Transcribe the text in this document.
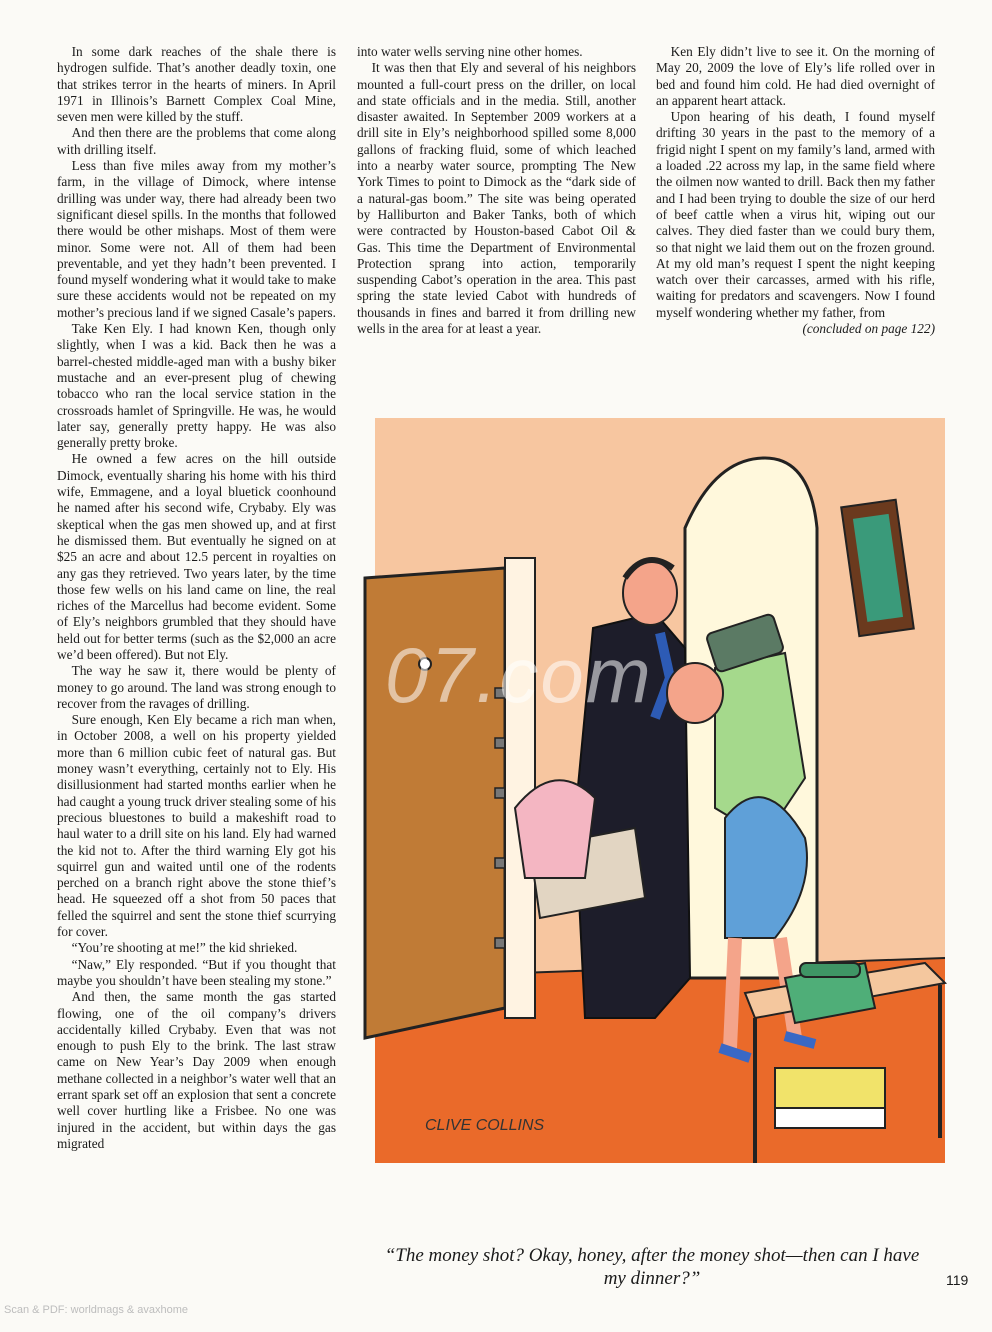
In some dark reaches of the shale there is hydrogen sulfide. That’s another deadly toxin, one that strikes terror in the hearts of miners. In April 1971 in Illinois’s Barnett Complex Coal Mine, seven men were killed by the stuff.

And then there are the problems that come along with drilling itself.

Less than five miles away from my mother’s farm, in the village of Dimock, where intense drilling was under way, there had already been two significant diesel spills. In the months that followed there would be other mishaps. Most of them were minor. Some were not. All of them had been preventable, and yet they hadn’t been prevented. I found myself wondering what it would take to make sure these accidents would not be repeated on my mother’s precious land if we signed Casale’s papers.

Take Ken Ely. I had known Ken, though only slightly, when I was a kid. Back then he was a barrel-chested middle-aged man with a bushy biker mustache and an ever-present plug of chewing tobacco who ran the local service station in the crossroads hamlet of Springville. He was, he would later say, generally pretty happy. He was also generally pretty broke.

He owned a few acres on the hill outside Dimock, eventually sharing his home with his third wife, Emmagene, and a loyal bluetick coonhound he named after his second wife, Crybaby. Ely was skeptical when the gas men showed up, and at first he dismissed them. But eventually he signed on at $25 an acre and about 12.5 percent in royalties on any gas they retrieved. Two years later, by the time those few wells on his land came on line, the real riches of the Marcellus had become evident. Some of Ely’s neighbors grumbled that they should have held out for better terms (such as the $2,000 an acre we’d been offered). But not Ely.

The way he saw it, there would be plenty of money to go around. The land was strong enough to recover from the ravages of drilling.

Sure enough, Ken Ely became a rich man when, in October 2008, a well on his property yielded more than 6 million cubic feet of natural gas. But money wasn’t everything, certainly not to Ely. His disillusionment had started months earlier when he had caught a young truck driver stealing some of his precious bluestones to build a makeshift road to haul water to a drill site on his land. Ely had warned the kid not to. After the third warning Ely got his squirrel gun and waited until one of the rodents perched on a branch right above the stone thief’s head. He squeezed off a shot from 50 paces that felled the squirrel and sent the stone thief scurrying for cover.

“You’re shooting at me!” the kid shrieked.

“Naw,” Ely responded. “But if you thought that maybe you shouldn’t have been stealing my stone.”

And then, the same month the gas started flowing, one of the oil company’s drivers accidentally killed Crybaby. Even that was not enough to push Ely to the brink. The last straw came on New Year’s Day 2009 when enough methane collected in a neighbor’s water well that an errant spark set off an explosion that sent a concrete well cover hurtling like a Frisbee. No one was injured in the accident, but within days the gas migrated

into water wells serving nine other homes.

It was then that Ely and several of his neighbors mounted a full-court press on the driller, on local and state officials and in the media. Still, another disaster awaited. In September 2009 workers at a drill site in Ely’s neighborhood spilled some 8,000 gallons of fracking fluid, some of which leached into a nearby water source, prompting The New York Times to point to Dimock as the “dark side of a natural-gas boom.” The site was being operated by Halliburton and Baker Tanks, both of which were contracted by Houston-based Cabot Oil & Gas. This time the Department of Environmental Protection sprang into action, temporarily suspending Cabot’s operation in the area. This past spring the state levied Cabot with hundreds of thousands in fines and barred it from drilling new wells in the area for at least a year.

Ken Ely didn’t live to see it. On the morning of May 20, 2009 the love of Ely’s life rolled over in bed and found him cold. He had died overnight of an apparent heart attack.

Upon hearing of his death, I found myself drifting 30 years in the past to the memory of a frigid night I spent on my family’s land, armed with a loaded .22 across my lap, in the same field where the oilmen now wanted to drill. Back then my father and I had been trying to double the size of our herd of beef cattle when a virus hit, wiping out our calves. They died faster than we could bury them, so that night we laid them out on the frozen ground. At my old man’s request I spent the night keeping watch over their carcasses, armed with his rifle, waiting for predators and scavengers. Now I found myself wondering whether my father, from

(concluded on page 122)

CLIVE COLLINS
“The money shot? Okay, honey, after the money shot—then can I have my dinner?”	119
07.com
Scan & PDF: worldmags & avaxhome
